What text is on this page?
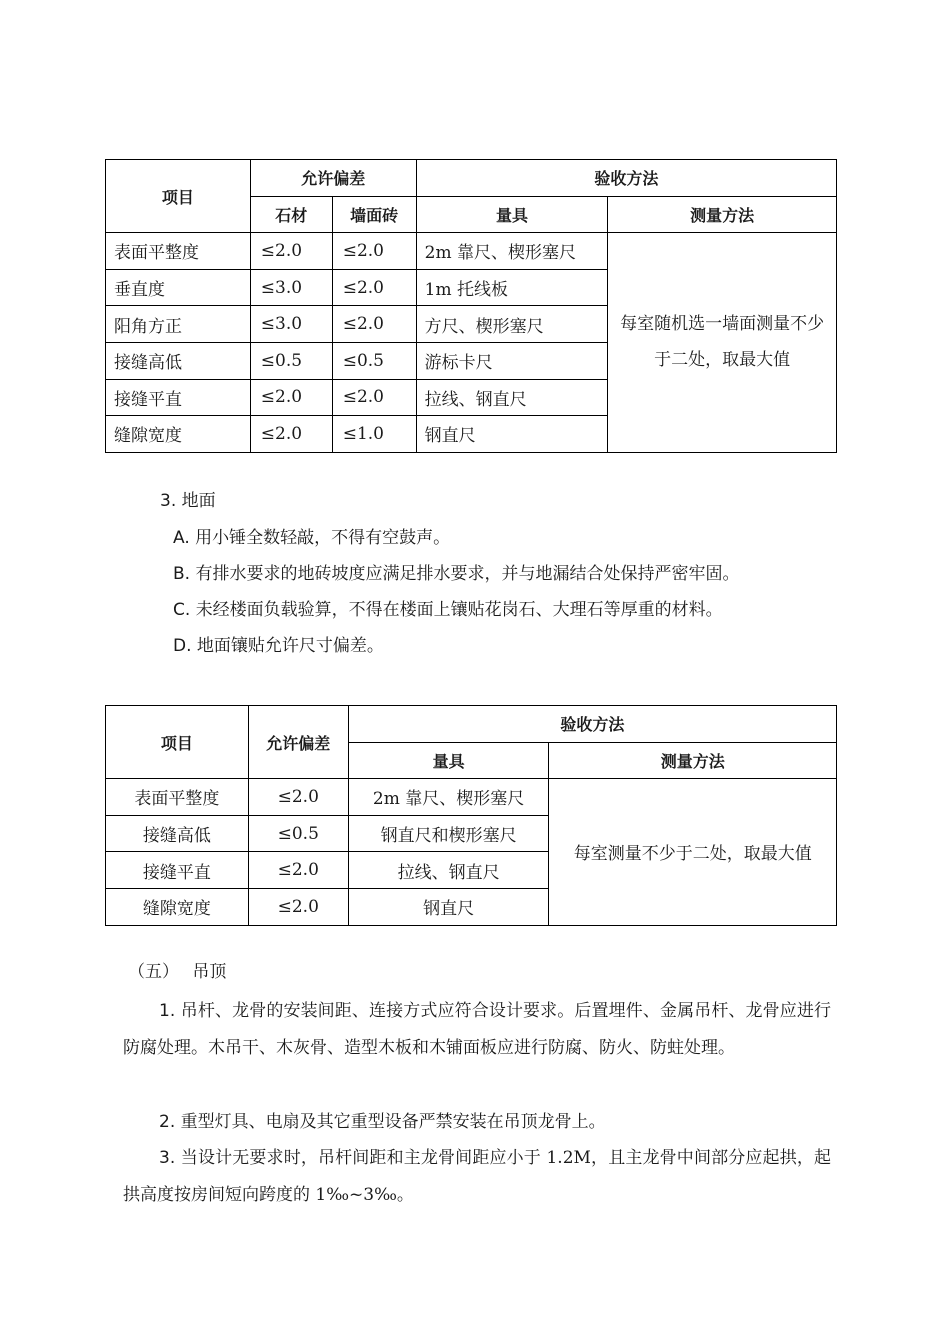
项目	允许偏差		验收方法	
	石材	墙面砖	量具	测量方法
表面平整度	≤2.0	≤2.0	2m 靠尺、楔形塞尺	每室随机选一墙面测量不少于二处，取最大值
垂直度	≤3.0	≤2.0	1m 托线板	
阳角方正	≤3.0	≤2.0	方尺、楔形塞尺	
接缝高低	≤0.5	≤0.5	游标卡尺	
接缝平直	≤2.0	≤2.0	拉线、钢直尺	
缝隙宽度	≤2.0	≤1.0	钢直尺	
3. 地面
A. 用小锤全数轻敲，不得有空鼓声。
B. 有排水要求的地砖坡度应满足排水要求，并与地漏结合处保持严密牢固。
C. 未经楼面负载验算，不得在楼面上镶贴花岗石、大理石等厚重的材料。
D. 地面镶贴允许尺寸偏差。
项目	允许偏差	验收方法	
		量具	测量方法
表面平整度	≤2.0	2m 靠尺、楔形塞尺	每室测量不少于二处，取最大值
接缝高低	≤0.5	钢直尺和楔形塞尺	
接缝平直	≤2.0	拉线、钢直尺	
缝隙宽度	≤2.0	钢直尺	
（五） 吊顶
1. 吊杆、龙骨的安装间距、连接方式应符合设计要求。后置埋件、金属吊杆、龙骨应进行防腐处理。木吊干、木灰骨、造型木板和木铺面板应进行防腐、防火、防蛀处理。
2. 重型灯具、电扇及其它重型设备严禁安装在吊顶龙骨上。
3. 当设计无要求时，吊杆间距和主龙骨间距应小于 1.2M，且主龙骨中间部分应起拱，起拱高度按房间短向跨度的 1‰~3‰。
